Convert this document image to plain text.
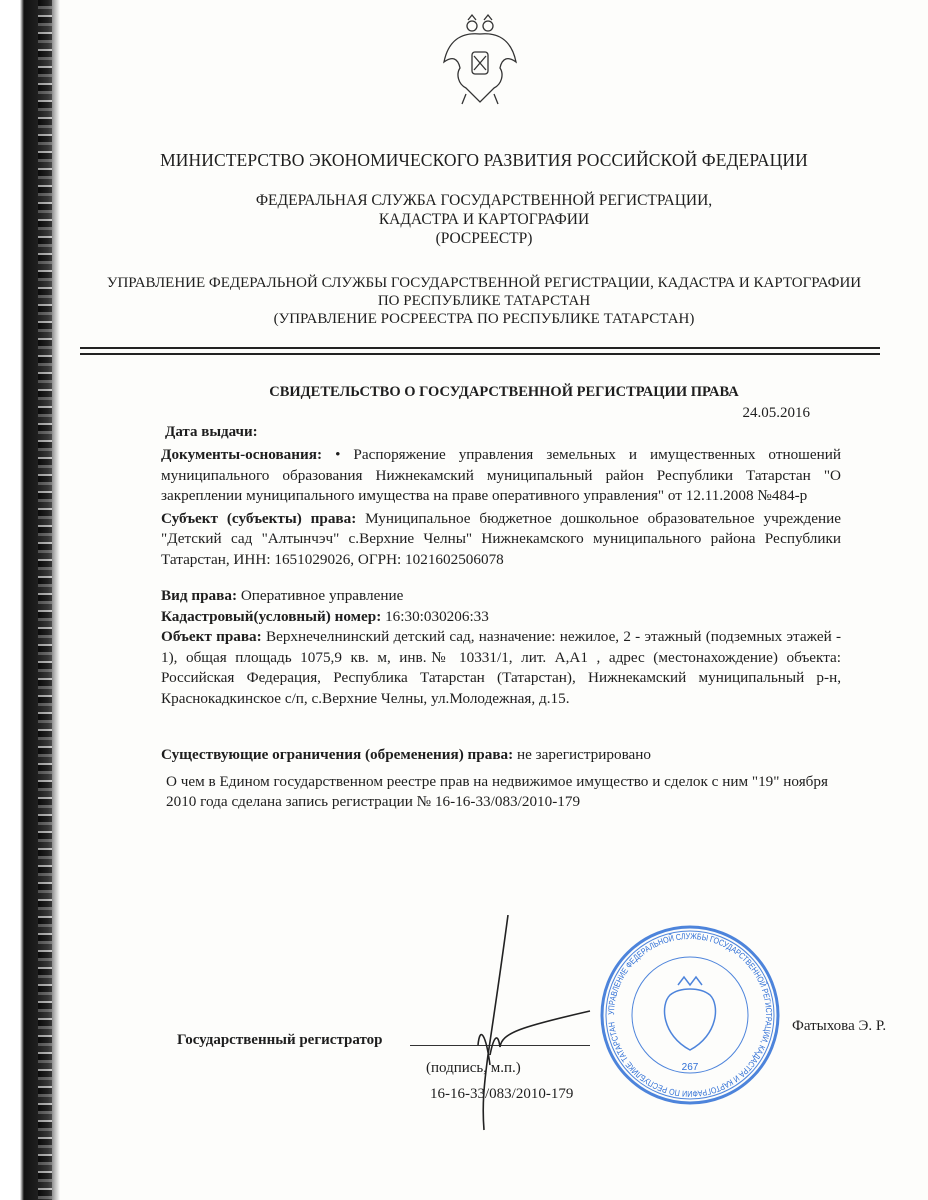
МИНИСТЕРСТВО ЭКОНОМИЧЕСКОГО РАЗВИТИЯ РОССИЙСКОЙ ФЕДЕРАЦИИ
ФЕДЕРАЛЬНАЯ СЛУЖБА ГОСУДАРСТВЕННОЙ РЕГИСТРАЦИИ,
КАДАСТРА И КАРТОГРАФИИ
(РОСРЕЕСТР)
УПРАВЛЕНИЕ ФЕДЕРАЛЬНОЙ СЛУЖБЫ ГОСУДАРСТВЕННОЙ РЕГИСТРАЦИИ, КАДАСТРА И КАРТОГРАФИИ
ПО РЕСПУБЛИКЕ ТАТАРСТАН
(УПРАВЛЕНИЕ РОСРЕЕСТРА ПО РЕСПУБЛИКЕ ТАТАРСТАН)
СВИДЕТЕЛЬСТВО О ГОСУДАРСТВЕННОЙ РЕГИСТРАЦИИ ПРАВА
24.05.2016
Дата выдачи:
Документы-основания: • Распоряжение управления земельных и имущественных отношений муниципального образования Нижнекамский муниципальный район Республики Татарстан "О закреплении муниципального имущества на праве оперативного управления" от 12.11.2008 №484-р
Субъект (субъекты) права: Муниципальное бюджетное дошкольное образовательное учреждение "Детский сад "Алтынчэч" с.Верхние Челны" Нижнекамского муниципального района Республики Татарстан, ИНН: 1651029026, ОГРН: 1021602506078
Вид права: Оперативное управление
Кадастровый(условный) номер: 16:30:030206:33
Объект права: Верхнечелнинский детский сад, назначение: нежилое, 2 - этажный (подземных этажей - 1), общая площадь 1075,9 кв. м, инв.№ 10331/1, лит. А,А1 , адрес (местонахождение) объекта: Российская Федерация, Республика Татарстан (Татарстан), Нижнекамский муниципальный р-н, Краснокадкинское с/п, с.Верхние Челны, ул.Молодежная, д.15.
Существующие ограничения (обременения) права: не зарегистрировано
О чем в Едином государственном реестре прав на недвижимое имущество и сделок с ним "19" ноября 2010 года сделана запись регистрации № 16-16-33/083/2010-179
Государственный регистратор
Фатыхова Э. Р.
(подпись, м.п.)
16-16-33/083/2010-179
УПРАВЛЕНИЕ ФЕДЕРАЛЬНОЙ СЛУЖБЫ ГОСУДАРСТВЕННОЙ РЕГИСТРАЦИИ, КАДАСТРА И КАРТОГРАФИИ ПО РЕСПУБЛИКЕ ТАТАРСТАН
267
